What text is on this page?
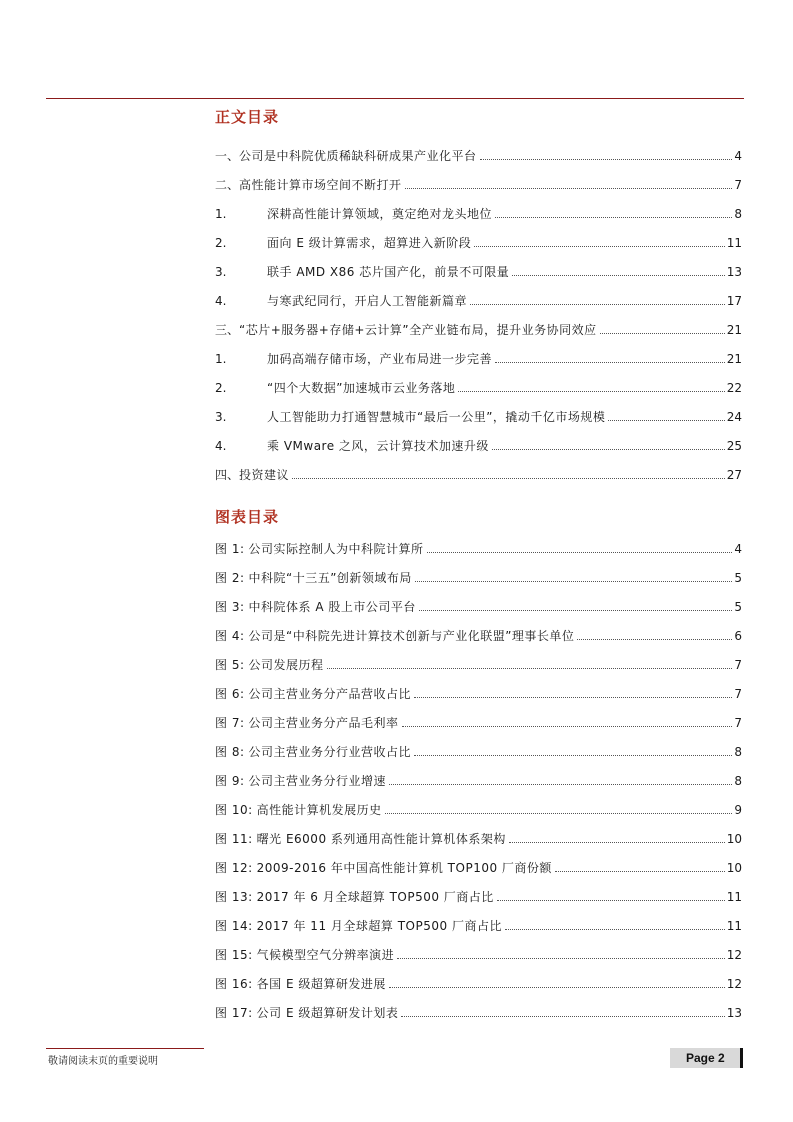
正文目录
一、 公司是中科院优质稀缺科研成果产业化平台	4
二、 高性能计算市场空间不断打开	7
1.	深耕高性能计算领域，奠定绝对龙头地位	8
2.	面向 E 级计算需求，超算进入新阶段	11
3.	联手 AMD X86 芯片国产化，前景不可限量	13
4.	与寒武纪同行，开启人工智能新篇章	17
三、 “芯片+服务器+存储+云计算”全产业链布局，提升业务协同效应	21
1.	加码高端存储市场，产业布局进一步完善	21
2.	“四个大数据”加速城市云业务落地	22
3.	人工智能助力打通智慧城市“最后一公里”，撬动千亿市场规模	24
4.	乘 VMware 之风，云计算技术加速升级	25
四、 投资建议	27
图表目录
图 1: 公司实际控制人为中科院计算所	4
图 2: 中科院“十三五”创新领域布局	5
图 3: 中科院体系 A 股上市公司平台	5
图 4: 公司是“中科院先进计算技术创新与产业化联盟”理事长单位	6
图 5: 公司发展历程	7
图 6: 公司主营业务分产品营收占比	7
图 7: 公司主营业务分产品毛利率	7
图 8: 公司主营业务分行业营收占比	8
图 9: 公司主营业务分行业增速	8
图 10: 高性能计算机发展历史	9
图 11: 曙光 E6000 系列通用高性能计算机体系架构	10
图 12: 2009-2016 年中国高性能计算机 TOP100 厂商份额	10
图 13: 2017 年 6 月全球超算 TOP500 厂商占比	11
图 14: 2017 年 11 月全球超算 TOP500 厂商占比	11
图 15: 气候模型空气分辨率演进	12
图 16: 各国 E 级超算研发进展	12
图 17: 公司 E 级超算研发计划表	13
敬请阅读末页的重要说明	Page 2
